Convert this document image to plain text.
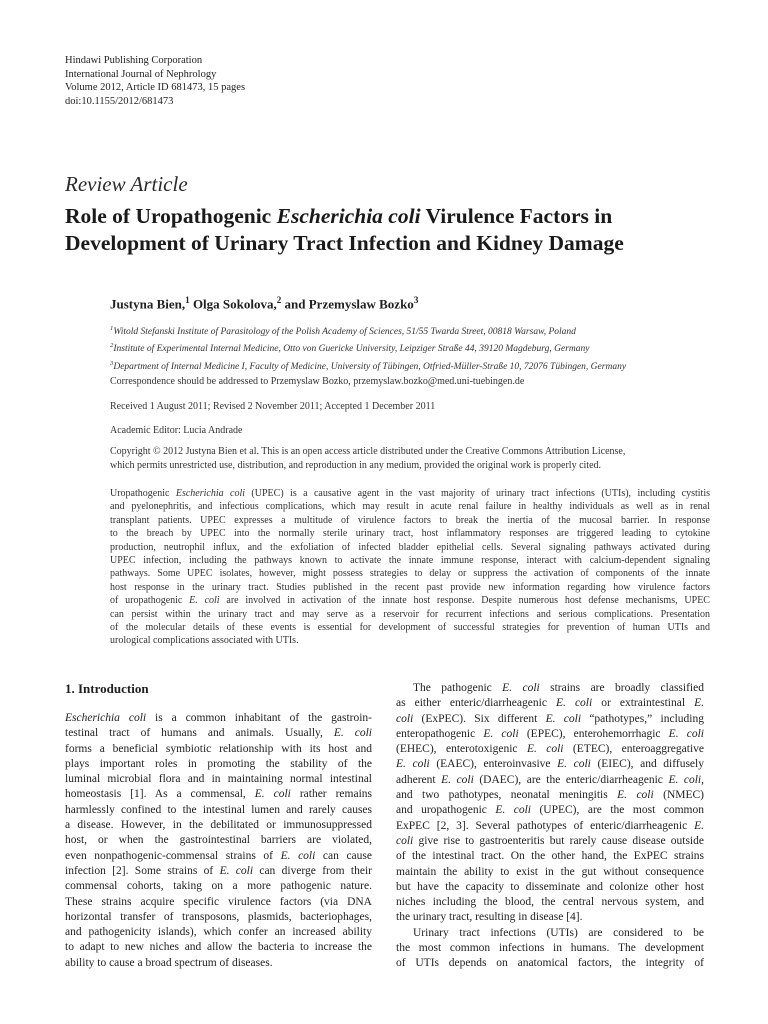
Hindawi Publishing Corporation
International Journal of Nephrology
Volume 2012, Article ID 681473, 15 pages
doi:10.1155/2012/681473
Review Article
Role of Uropathogenic Escherichia coli Virulence Factors in
Development of Urinary Tract Infection and Kidney Damage
Justyna Bien,$^1$ Olga Sokolova,$^2$ and Przemyslaw Bozko$^3$
$^1$Witold Stefanski Institute of Parasitology of the Polish Academy of Sciences, 51/55 Twarda Street, 00818 Warsaw, Poland
$^2$Institute of Experimental Internal Medicine, Otto von Guericke University, Leipziger Straße 44, 39120 Magdeburg, Germany
$^3$Department of Internal Medicine I, Faculty of Medicine, University of Tübingen, Otfried-Müller-Straße 10, 72076 Tübingen, Germany
Correspondence should be addressed to Przemyslaw Bozko, przemyslaw.bozko@med.uni-tuebingen.de
Received 1 August 2011; Revised 2 November 2011; Accepted 1 December 2011
Academic Editor: Lucia Andrade
Copyright © 2012 Justyna Bien et al. This is an open access article distributed under the Creative Commons Attribution License,
which permits unrestricted use, distribution, and reproduction in any medium, provided the original work is properly cited.
Uropathogenic Escherichia coli (UPEC) is a causative agent in the vast majority of urinary tract infections (UTIs), including cystitis
and pyelonephritis, and infectious complications, which may result in acute renal failure in healthy individuals as well as in renal
transplant patients. UPEC expresses a multitude of virulence factors to break the inertia of the mucosal barrier. In response
to the breach by UPEC into the normally sterile urinary tract, host inflammatory responses are triggered leading to cytokine
production, neutrophil influx, and the exfoliation of infected bladder epithelial cells. Several signaling pathways activated during
UPEC infection, including the pathways known to activate the innate immune response, interact with calcium-dependent signaling
pathways. Some UPEC isolates, however, might possess strategies to delay or suppress the activation of components of the innate
host response in the urinary tract. Studies published in the recent past provide new information regarding how virulence factors
of uropathogenic E. coli are involved in activation of the innate host response. Despite numerous host defense mechanisms, UPEC
can persist within the urinary tract and may serve as a reservoir for recurrent infections and serious complications. Presentation
of the molecular details of these events is essential for development of successful strategies for prevention of human UTIs and
urological complications associated with UTIs.
1. Introduction
Escherichia coli is a common inhabitant of the gastroin-
testinal tract of humans and animals. Usually, E. coli
forms a beneficial symbiotic relationship with its host and
plays important roles in promoting the stability of the
luminal microbial flora and in maintaining normal intestinal
homeostasis [1]. As a commensal, E. coli rather remains
harmlessly confined to the intestinal lumen and rarely causes
a disease. However, in the debilitated or immunosuppressed
host, or when the gastrointestinal barriers are violated,
even nonpathogenic-commensal strains of E. coli can cause
infection [2]. Some strains of E. coli can diverge from their
commensal cohorts, taking on a more pathogenic nature.
These strains acquire specific virulence factors (via DNA
horizontal transfer of transposons, plasmids, bacteriophages,
and pathogenicity islands), which confer an increased ability
to adapt to new niches and allow the bacteria to increase the
ability to cause a broad spectrum of diseases.
The pathogenic E. coli strains are broadly classified
as either enteric/diarrheagenic E. coli or extraintestinal E.
coli (ExPEC). Six different E. coli “pathotypes,” including
enteropathogenic E. coli (EPEC), enterohemorrhagic E. coli
(EHEC), enterotoxigenic E. coli (ETEC), enteroaggregative
E. coli (EAEC), enteroinvasive E. coli (EIEC), and diffusely
adherent E. coli (DAEC), are the enteric/diarrheagenic E. coli,
and two pathotypes, neonatal meningitis E. coli (NMEC)
and uropathogenic E. coli (UPEC), are the most common
ExPEC [2, 3]. Several pathotypes of enteric/diarrheagenic E.
coli give rise to gastroenteritis but rarely cause disease outside
of the intestinal tract. On the other hand, the ExPEC strains
maintain the ability to exist in the gut without consequence
but have the capacity to disseminate and colonize other host
niches including the blood, the central nervous system, and
the urinary tract, resulting in disease [4].
Urinary tract infections (UTIs) are considered to be
the most common infections in humans. The development
of UTIs depends on anatomical factors, the integrity of
